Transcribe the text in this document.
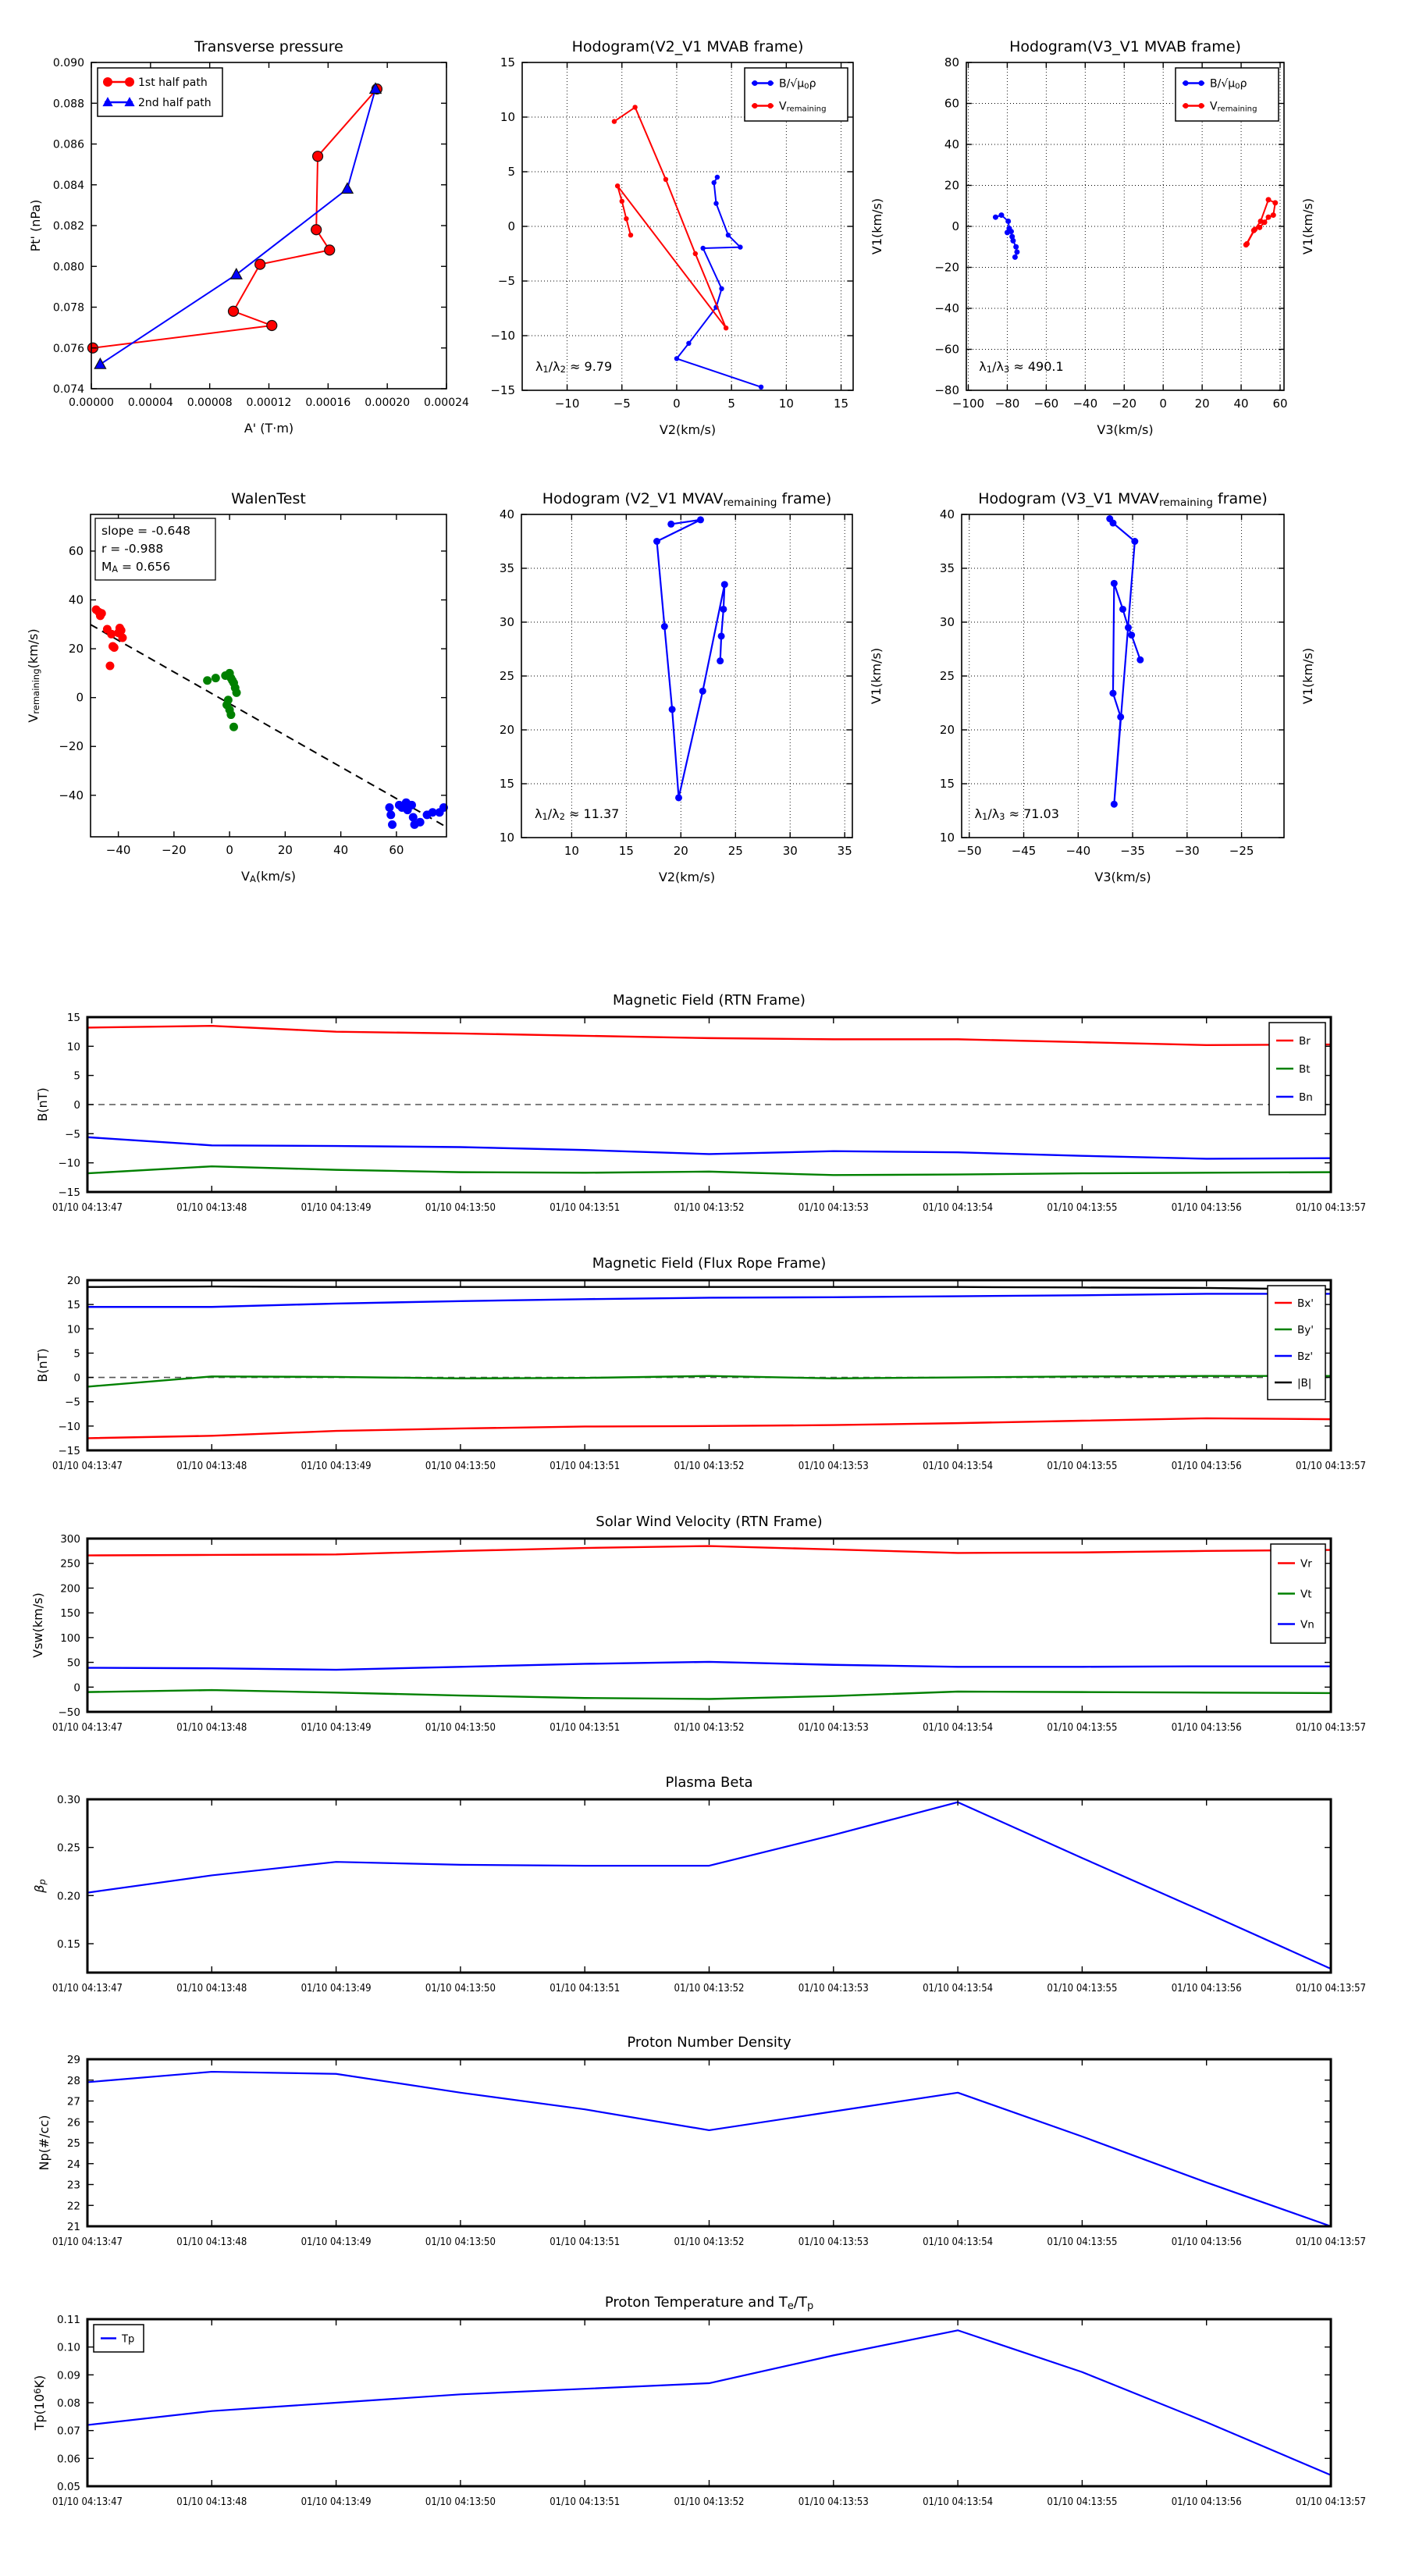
0.00000 0.00004 0.00008 0.00012 0.00016 0.00020 0.00024
0.074
0.076
0.078
0.080
0.082
0.084
0.086
0.088
0.090
Transverse pressure
A' (T·m)
Pt' (nPa)
1st half path
2nd half path
−10	−5	0	5	10	15
−15
−10
−5
0
5
10
15
Hodogram(V2_V1 MVAB frame)
V2(km/s)
V1(km/s)
B/√μ0ρ
Vremaining
λ1/λ2 ≈ 9.79
−100 −80 −60 −40 −20 0 20 40 60
−80
−60
−40
−20
0
20
40
60
80
Hodogram(V3_V1 MVAB frame)
V3(km/s)
V1(km/s)
B/√μ0ρ
Vremaining
λ1/λ3 ≈ 490.1
−40	−20	0	20	40	60
−40
−20
0
20
40
60
WalenTest
VA(km/s)
Vremaining(km/s)
slope = -0.648
r = -0.988
MA = 0.656
10	15	20	25	30	35
10
15
20
25
30
35
40
Hodogram (V2_V1 MVAVremaining frame)
V2(km/s)
V1(km/s)
λ1/λ2 ≈ 11.37
−50	−45	−40	−35	−30	−25
10
15
20
25
30
35
40
Hodogram (V3_V1 MVAVremaining frame)
V3(km/s)
V1(km/s)
λ1/λ3 ≈ 71.03
01/10 04:13:47	01/10 04:13:48	01/10 04:13:49	01/10 04:13:50	01/10 04:13:51	01/10 04:13:52	01/10 04:13:53	01/10 04:13:54	01/10 04:13:55	01/10 04:13:56	01/10 04:13:57
−15
−10
−5
0
5
10
15
Magnetic Field (RTN Frame)
B(nT)
Br
Bt
Bn
01/10 04:13:47	01/10 04:13:48	01/10 04:13:49	01/10 04:13:50	01/10 04:13:51	01/10 04:13:52	01/10 04:13:53	01/10 04:13:54	01/10 04:13:55	01/10 04:13:56	01/10 04:13:57
−15
−10
−5
0
5
10
15
20
Magnetic Field (Flux Rope Frame)
B(nT)
Bx'
By'
Bz'
|B|
01/10 04:13:47	01/10 04:13:48	01/10 04:13:49	01/10 04:13:50	01/10 04:13:51	01/10 04:13:52	01/10 04:13:53	01/10 04:13:54	01/10 04:13:55	01/10 04:13:56	01/10 04:13:57
−50
0
50
100
150
200
250
300
Solar Wind Velocity (RTN Frame)
Vsw(km/s)
Vr
Vt
Vn
01/10 04:13:47	01/10 04:13:48	01/10 04:13:49	01/10 04:13:50	01/10 04:13:51	01/10 04:13:52	01/10 04:13:53	01/10 04:13:54	01/10 04:13:55	01/10 04:13:56	01/10 04:13:57
0.15
0.20
0.25
0.30
Plasma Beta
βp
01/10 04:13:47	01/10 04:13:48	01/10 04:13:49	01/10 04:13:50	01/10 04:13:51	01/10 04:13:52	01/10 04:13:53	01/10 04:13:54	01/10 04:13:55	01/10 04:13:56	01/10 04:13:57
21
22
23
24
25
26
27
28
29
Proton Number Density
Np(#/cc)
01/10 04:13:47	01/10 04:13:48	01/10 04:13:49	01/10 04:13:50	01/10 04:13:51	01/10 04:13:52	01/10 04:13:53	01/10 04:13:54	01/10 04:13:55	01/10 04:13:56	01/10 04:13:57
0.05
0.06
0.07
0.08
0.09
0.10
0.11
Proton Temperature and Te/Tp
Tp(106K)
Tp
